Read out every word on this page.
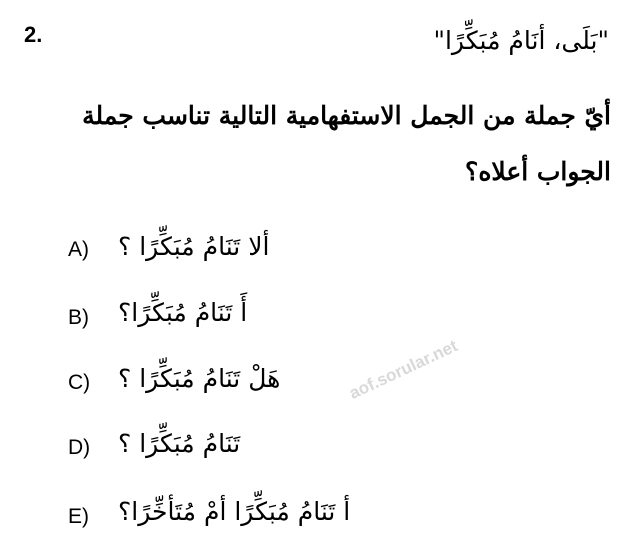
2.	"بَلَى، أنَامُ مُبَكِّرًا"
أيّ جملة من الجمل الاستفهامية التالية تناسب جملة الجواب أعلاه؟
A) ألا تَنَامُ مُبَكِّرًا ؟
B) أَ تَنَامُ مُبَكِّرًا؟
C) هَلْ تَنَامُ مُبَكِّرًا ؟
D) تَنَامُ مُبَكِّرًا ؟
E) أ تَنَامُ مُبَكِّرًا أمْ مُتَأخِّرًا؟
aof.sorular.net
